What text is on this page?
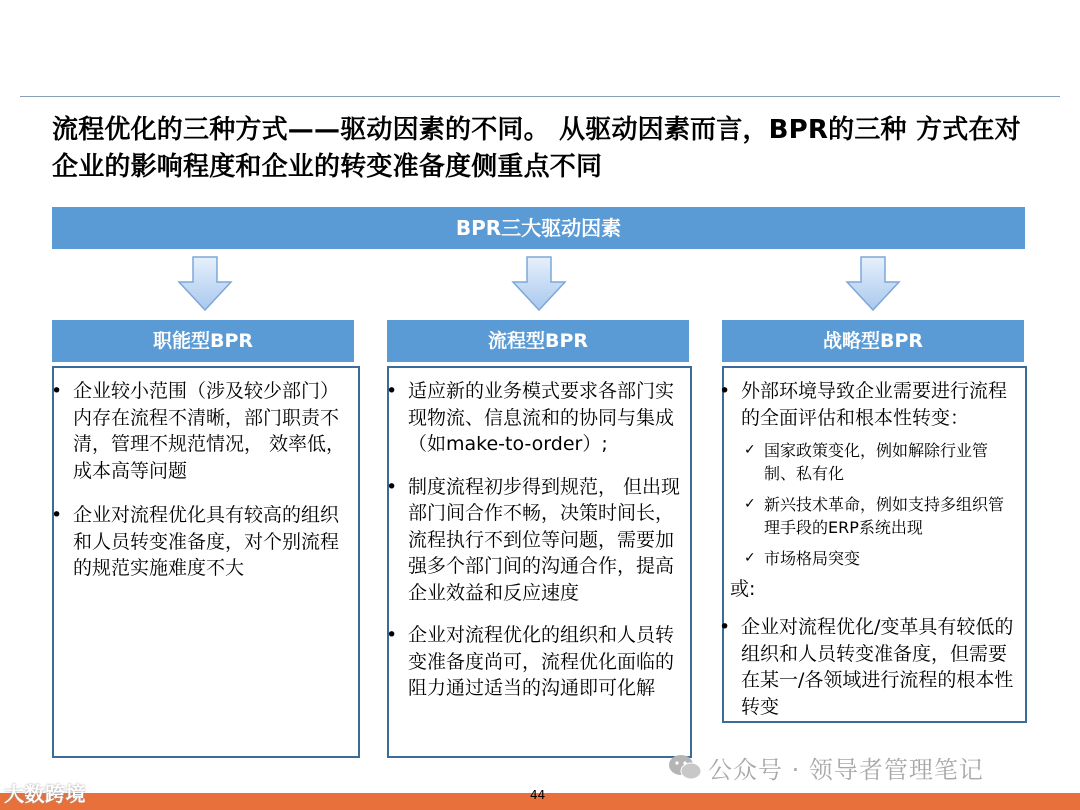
流程优化的三种方式——驱动因素的不同。 从驱动因素而言，BPR的三种 方式在对企业的影响程度和企业的转变准备度侧重点不同

BPR三大驱动因素
职能型BPR

• 企业较小范围（涉及较少部门）内存在流程不清晰，部门职责不清，管理不规范情况， 效率低，成本高等问题

• 企业对流程优化具有较高的组织和人员转变准备度，对个别流程的规范实施难度不大

流程型BPR

• 适应新的业务模式要求各部门实现物流、信息流和的协同与集成（如make-to-order）;

• 制度流程初步得到规范， 但出现部门间合作不畅，决策时间长，流程执行不到位等问题，需要加强多个部门间的沟通合作，提高企业效益和反应速度

• 企业对流程优化的组织和人员转变准备度尚可，流程优化面临的阻力通过适当的沟通即可化解

战略型BPR

• 外部环境导致企业需要进行流程的全面评估和根本性转变：

✓ 国家政策变化，例如解除行业管制、私有化

✓ 新兴技术革命，例如支持多组织管理手段的ERP系统出现

✓ 市场格局突变

或:

• 企业对流程优化/变革具有较低的组织和人员转变准备度，但需要在某一/各领域进行流程的根本性转变

公众号 · 领导者管理笔记
44
大数跨境
